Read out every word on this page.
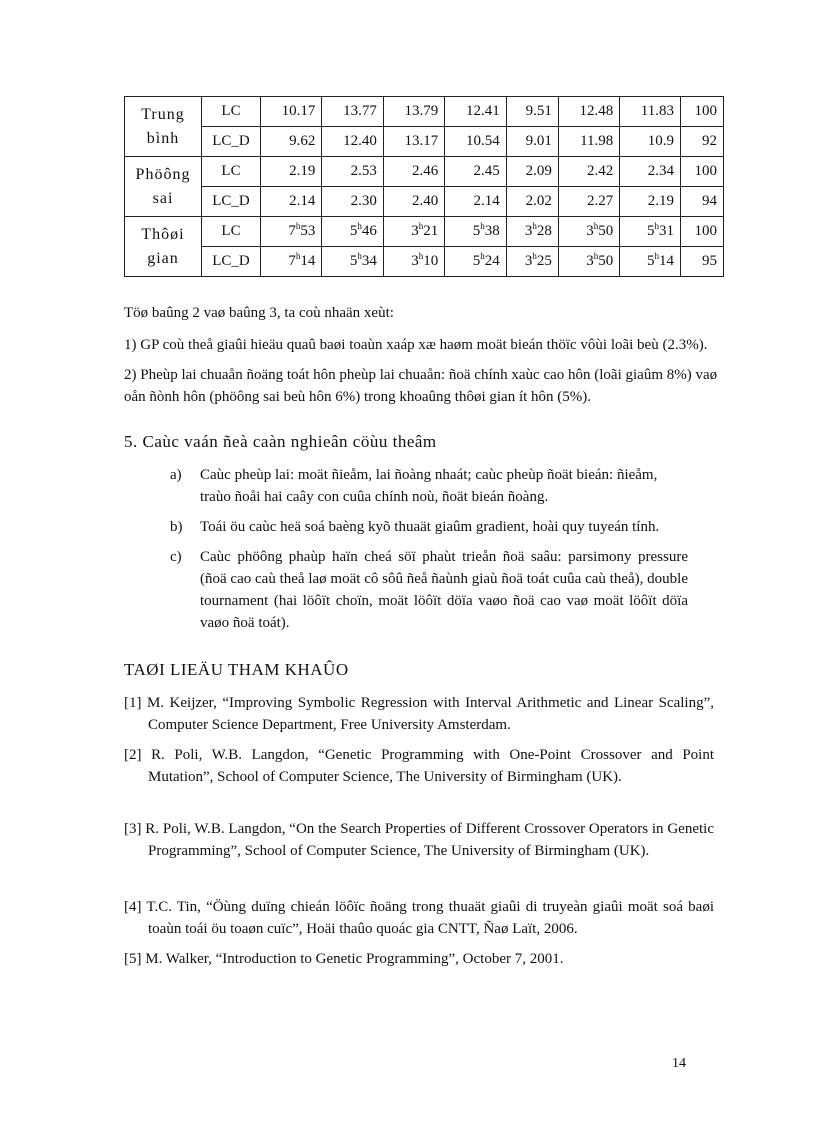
Trung
bình	LC	10.17	13.77	13.79	12.41	9.51	12.48	11.83	100
	LC_D	9.62	12.40	13.17	10.54	9.01	11.98	10.9	92
Phöông
sai	LC	2.19	2.53	2.46	2.45	2.09	2.42	2.34	100
	LC_D	2.14	2.30	2.40	2.14	2.02	2.27	2.19	94
Thôøi
gian	LC	7$^h$53	5$^h$46	3$^h$21	5$^h$38	3$^h$28	3$^h$50	5$^h$31	100
	LC_D	7$^h$14	5$^h$34	3$^h$10	5$^h$24	3$^h$25	3$^h$50	5$^h$14	95

Töø baûng 2 vaø baûng 3, ta coù nhaän xeùt:

1) GP coù theå giaûi hieäu quaû baøi toaùn xaáp xæ haøm moät bieán thöïc vôùi loãi beù (2.3%).

2) Pheùp lai chuaån ñoäng toát hôn pheùp lai chuaån: ñoä chính xaùc cao hôn (loãi giaûm 8%) vaø oån ñònh hôn (phöông sai beù hôn 6%) trong khoaûng thôøi gian ít hôn (5%).

5. Caùc vaán ñeà caàn nghieân cöùu theâm
a) Caùc pheùp lai: moät ñieåm, lai ñoàng nhaát; caùc pheùp ñoät bieán: ñieåm, traùo ñoåi hai caây con cuûa chính noù, ñoät bieán ñoàng.
b) Toái öu caùc heä soá baèng kyõ thuaät giaûm gradient, hoài quy tuyeán tính.
c) Caùc phöông phaùp haïn cheá söï phaùt trieån ñoä saâu: parsimony pressure (ñoä cao caù theå laø moät cô sôû ñeå ñaùnh giaù ñoä toát cuûa caù theå), double tournament (hai löôït choïn, moät löôït döïa vaøo ñoä cao vaø moät löôït döïa vaøo ñoä toát).
TAØI LIEÄU THAM KHAÛO

[1] M. Keijzer, “Improving Symbolic Regression with Interval Arithmetic and Linear Scaling”, Computer Science Department, Free University Amsterdam.

[2] R. Poli, W.B. Langdon, “Genetic Programming with One-Point Crossover and Point Mutation”, School of Computer Science, The University of Birmingham (UK).

[3] R. Poli, W.B. Langdon, “On the Search Properties of Different Crossover Operators in Genetic Programming”, School of Computer Science, The University of Birmingham (UK).

[4] T.C. Tin, “Öùng duïng chieán löôïc ñoäng trong thuaät giaûi di truyeàn giaûi moät soá baøi toaùn toái öu toaøn cuïc”, Hoäi thaûo quoác gia CNTT, Ñaø Laït, 2006.

[5] M. Walker, “Introduction to Genetic Programming”, October 7, 2001.

14
